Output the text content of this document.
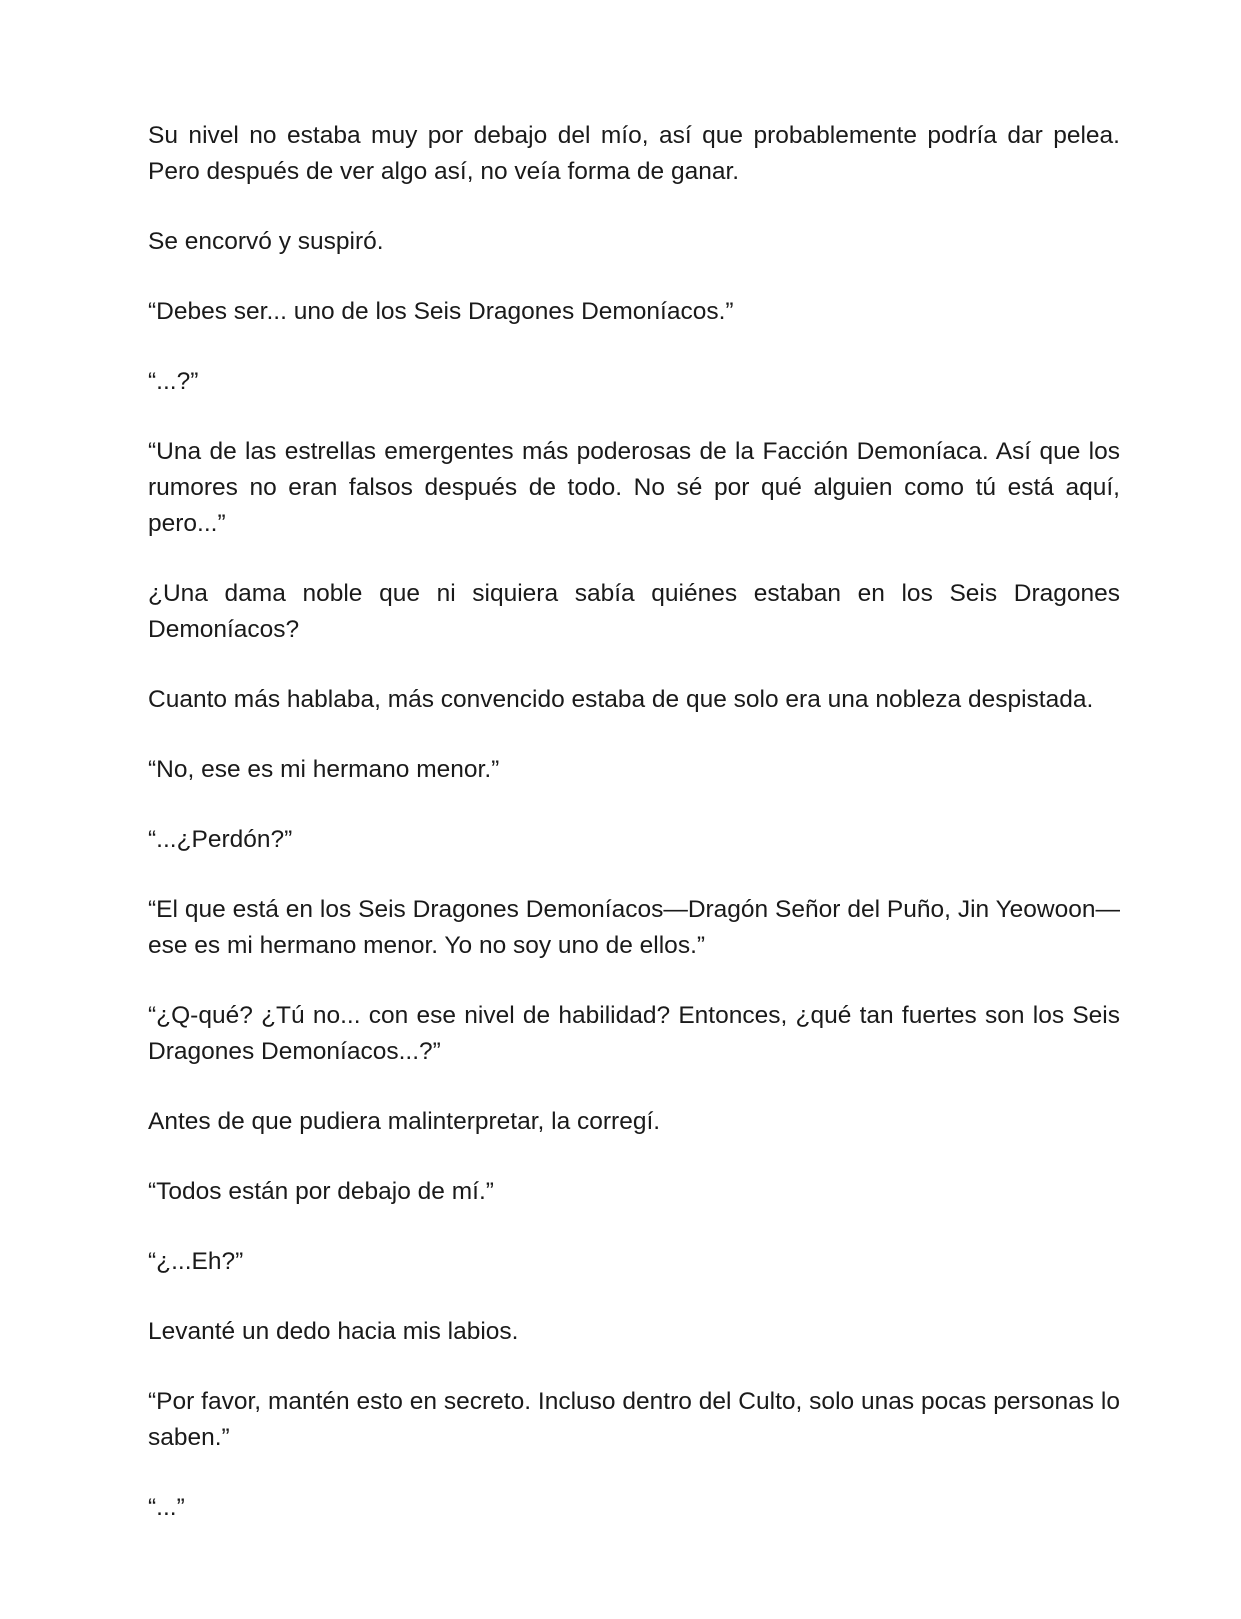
Su nivel no estaba muy por debajo del mío, así que probablemente podría dar pelea. Pero después de ver algo así, no veía forma de ganar.

Se encorvó y suspiró.

“Debes ser... uno de los Seis Dragones Demoníacos.”

“...?”

“Una de las estrellas emergentes más poderosas de la Facción Demoníaca. Así que los rumores no eran falsos después de todo. No sé por qué alguien como tú está aquí, pero...”

¿Una dama noble que ni siquiera sabía quiénes estaban en los Seis Dragones Demoníacos?

Cuanto más hablaba, más convencido estaba de que solo era una nobleza despistada.

“No, ese es mi hermano menor.”

“...¿Perdón?”

“El que está en los Seis Dragones Demoníacos—Dragón Señor del Puño, Jin Yeowoon—ese es mi hermano menor. Yo no soy uno de ellos.”

“¿Q-qué? ¿Tú no... con ese nivel de habilidad? Entonces, ¿qué tan fuertes son los Seis Dragones Demoníacos...?”

Antes de que pudiera malinterpretar, la corregí.

“Todos están por debajo de mí.”

“¿...Eh?”

Levanté un dedo hacia mis labios.

“Por favor, mantén esto en secreto. Incluso dentro del Culto, solo unas pocas personas lo saben.”

“...”
